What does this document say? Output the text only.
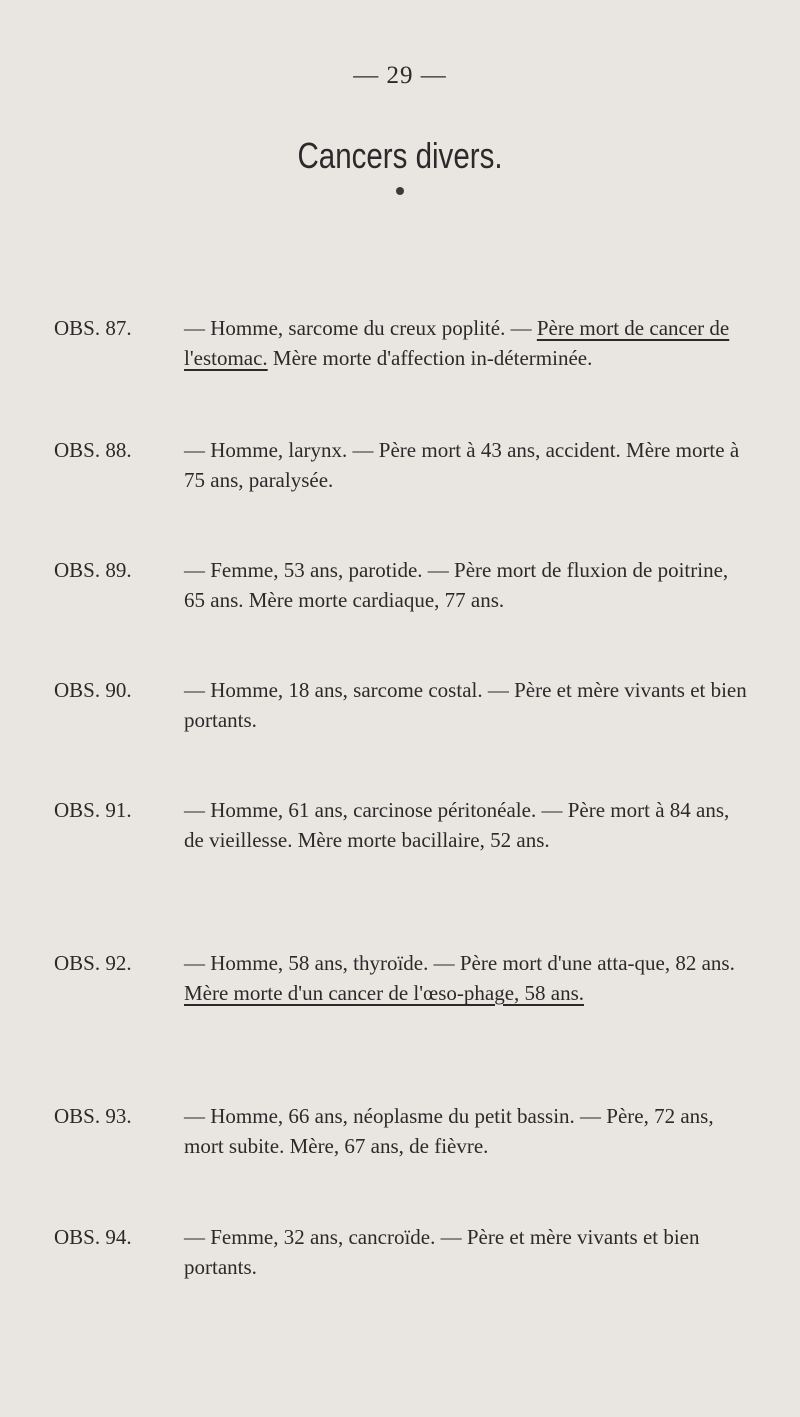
— 29 —
Cancers divers.
OBS. 87. — Homme, sarcome du creux poplité. — Père mort de cancer de l'estomac. Mère morte d'affection in-déterminée.
OBS. 88. — Homme, larynx. — Père mort à 43 ans, accident. Mère morte à 75 ans, paralysée.
OBS. 89. — Femme, 53 ans, parotide. — Père mort de fluxion de poitrine, 65 ans. Mère morte cardiaque, 77 ans.
OBS. 90. — Homme, 18 ans, sarcome costal. — Père et mère vivants et bien portants.
OBS. 91. — Homme, 61 ans, carcinose péritonéale. — Père mort à 84 ans, de vieillesse. Mère morte bacillaire, 52 ans.
OBS. 92. — Homme, 58 ans, thyroïde. — Père mort d'une atta-que, 82 ans. Mère morte d'un cancer de l'œso-phage, 58 ans.
OBS. 93. — Homme, 66 ans, néoplasme du petit bassin. — Père, 72 ans, mort subite. Mère, 67 ans, de fièvre.
OBS. 94. — Femme, 32 ans, cancroïde. — Père et mère vivants et bien portants.
